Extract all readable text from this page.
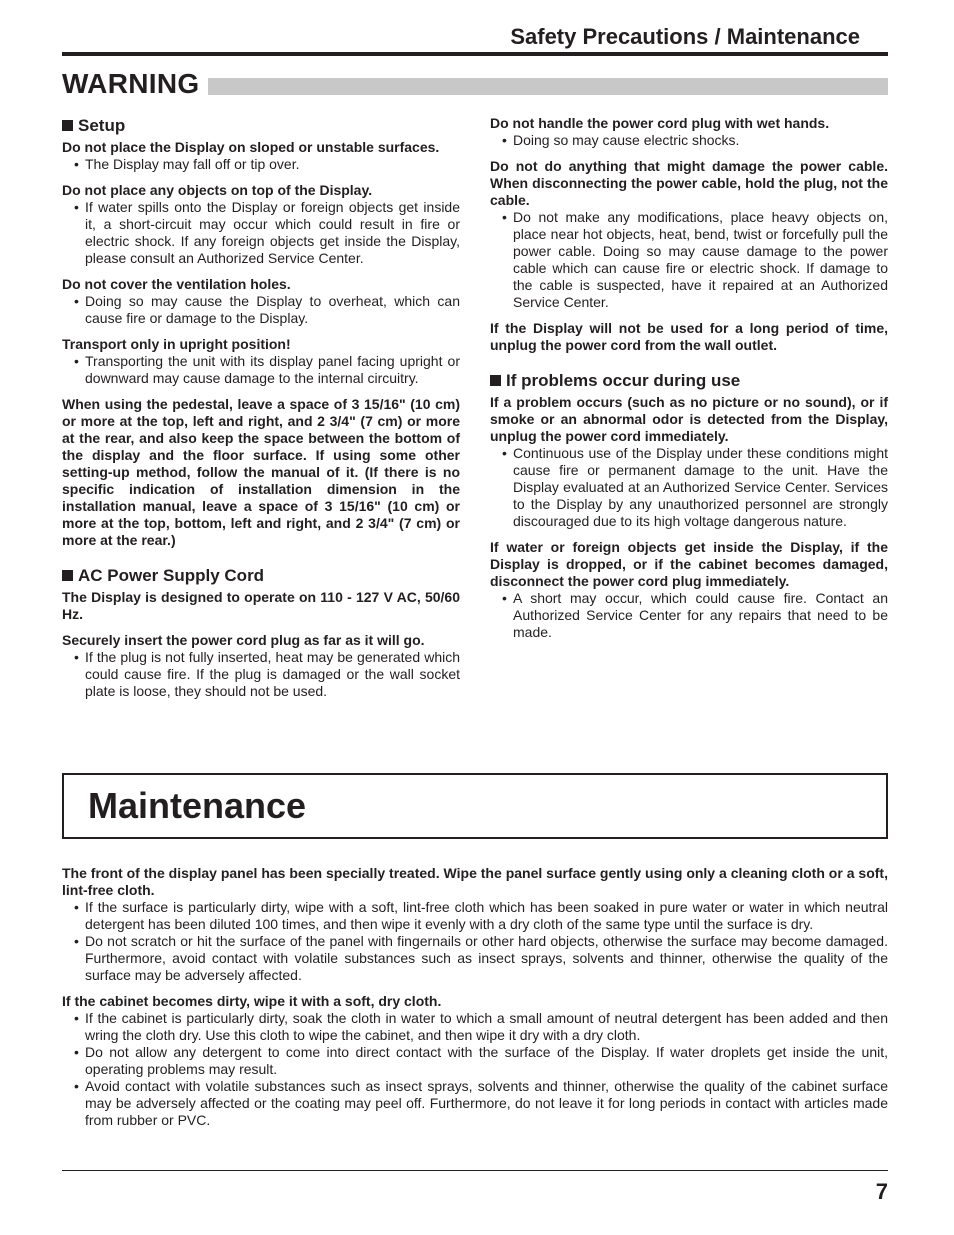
Safety Precautions / Maintenance
WARNING
Setup

Do not place the Display on sloped or unstable surfaces.

• The Display may fall off or tip over.

Do not place any objects on top of the Display.

• If water spills onto the Display or foreign objects get inside it, a short-circuit may occur which could result in fire or electric shock. If any foreign objects get inside the Display, please consult an Authorized Service Center.

Do not cover the ventilation holes.

• Doing so may cause the Display to overheat, which can cause fire or damage to the Display.

Transport only in upright position!

• Transporting the unit with its display panel facing upright or downward may cause damage to the internal circuitry.

When using the pedestal, leave a space of 3 15/16" (10 cm) or more at the top, left and right, and 2 3/4" (7 cm) or more at the rear, and also keep the space between the bottom of the display and the floor surface. If using some other setting-up method, follow the manual of it. (If there is no specific indication of installation dimension in the installation manual, leave a space of 3 15/16" (10 cm) or more at the top, bottom, left and right, and 2 3/4" (7 cm) or more at the rear.)

AC Power Supply Cord

The Display is designed to operate on 110 - 127 V AC, 50/60 Hz.

Securely insert the power cord plug as far as it will go.

• If the plug is not fully inserted, heat may be generated which could cause fire. If the plug is damaged or the wall socket plate is loose, they should not be used.

Do not handle the power cord plug with wet hands.

• Doing so may cause electric shocks.

Do not do anything that might damage the power cable. When disconnecting the power cable, hold the plug, not the cable.

• Do not make any modifications, place heavy objects on, place near hot objects, heat, bend, twist or forcefully pull the power cable. Doing so may cause damage to the power cable which can cause fire or electric shock. If damage to the cable is suspected, have it repaired at an Authorized Service Center.

If the Display will not be used for a long period of time, unplug the power cord from the wall outlet.

If problems occur during use

If a problem occurs (such as no picture or no sound), or if smoke or an abnormal odor is detected from the Display, unplug the power cord immediately.

• Continuous use of the Display under these conditions might cause fire or permanent damage to the unit. Have the Display evaluated at an Authorized Service Center. Services to the Display by any unauthorized personnel are strongly discouraged due to its high voltage dangerous nature.

If water or foreign objects get inside the Display, if the Display is dropped, or if the cabinet becomes damaged, disconnect the power cord plug immediately.

• A short may occur, which could cause fire. Contact an Authorized Service Center for any repairs that need to be made.

Maintenance

The front of the display panel has been specially treated. Wipe the panel surface gently using only a cleaning cloth or a soft, lint-free cloth.

• If the surface is particularly dirty, wipe with a soft, lint-free cloth which has been soaked in pure water or water in which neutral detergent has been diluted 100 times, and then wipe it evenly with a dry cloth of the same type until the surface is dry.

• Do not scratch or hit the surface of the panel with fingernails or other hard objects, otherwise the surface may become damaged. Furthermore, avoid contact with volatile substances such as insect sprays, solvents and thinner, otherwise the quality of the surface may be adversely affected.

If the cabinet becomes dirty, wipe it with a soft, dry cloth.

• If the cabinet is particularly dirty, soak the cloth in water to which a small amount of neutral detergent has been added and then wring the cloth dry. Use this cloth to wipe the cabinet, and then wipe it dry with a dry cloth.

• Do not allow any detergent to come into direct contact with the surface of the Display. If water droplets get inside the unit, operating problems may result.

• Avoid contact with volatile substances such as insect sprays, solvents and thinner, otherwise the quality of the cabinet surface may be adversely affected or the coating may peel off. Furthermore, do not leave it for long periods in contact with articles made from rubber or PVC.

7
